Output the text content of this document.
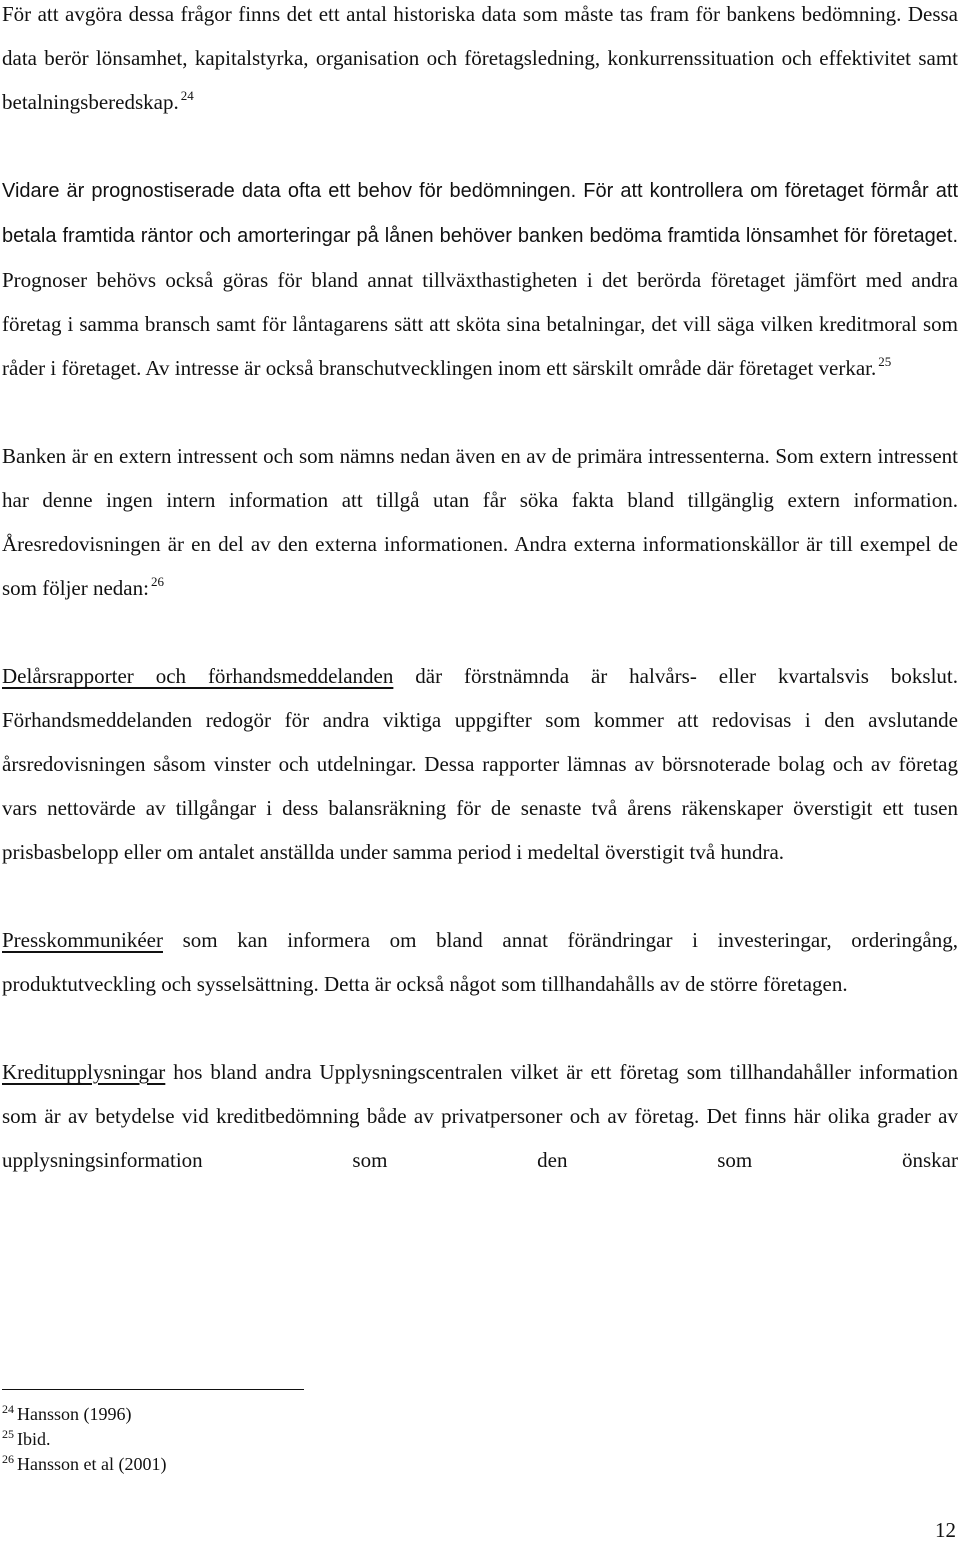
För att avgöra dessa frågor finns det ett antal historiska data som måste tas fram för bankens bedömning. Dessa data berör lönsamhet, kapitalstyrka, organisation och företagsledning, konkurrenssituation och effektivitet samt betalningsberedskap. $^{24}$

Vidare är prognostiserade data ofta ett behov för bedömningen. För att kontrollera om företaget förmår att betala framtida räntor och amorteringar på lånen behöver banken bedöma framtida lönsamhet för företaget. Prognoser behövs också göras för bland annat tillväxthastigheten i det berörda företaget jämfört med andra företag i samma bransch samt för låntagarens sätt att sköta sina betalningar, det vill säga vilken kreditmoral som råder i företaget. Av intresse är också branschutvecklingen inom ett särskilt område där företaget verkar. $^{25}$

Banken är en extern intressent och som nämns nedan även en av de primära intressenterna. Som extern intressent har denne ingen intern information att tillgå utan får söka fakta bland tillgänglig extern information. Åresredovisningen är en del av den externa informationen. Andra externa informationskällor är till exempel de som följer nedan: $^{26}$

Delårsrapporter och förhandsmeddelanden där förstnämnda är halvårs- eller kvartalsvis bokslut. Förhandsmeddelanden redogör för andra viktiga uppgifter som kommer att redovisas i den avslutande årsredovisningen såsom vinster och utdelningar. Dessa rapporter lämnas av börsnoterade bolag och av företag vars nettovärde av tillgångar i dess balansräkning för de senaste två årens räkenskaper överstigit ett tusen prisbasbelopp eller om antalet anställda under samma period i medeltal överstigit två hundra.

Presskommunikéer som kan informera om bland annat förändringar i investeringar, orderingång, produktutveckling och sysselsättning. Detta är också något som tillhandahålls av de större företagen.

Kreditupplysningar hos bland andra Upplysningscentralen vilket är ett företag som tillhandahåller information som är av betydelse vid kreditbedömning både av privatpersoner och av företag. Det finns här olika grader av upplysningsinformation som den som önskar

$^{24}$ Hansson (1996)
$^{25}$ Ibid.
$^{26}$ Hansson et al (2001)
12
